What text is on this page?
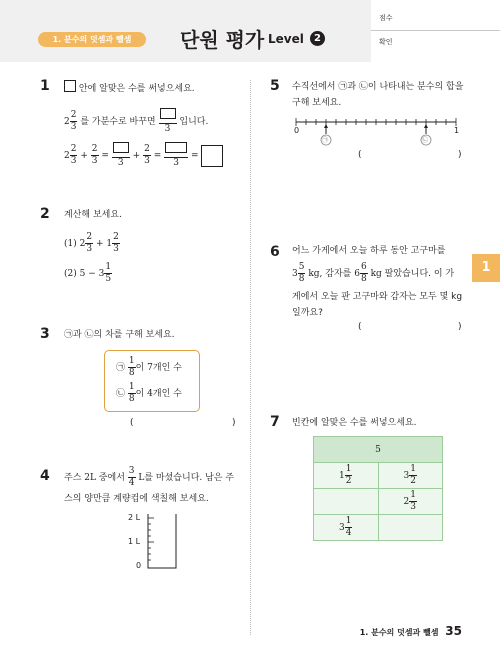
1. 분수의 덧셈과 뺄셈	단원 평가 Level	2
점수
확인
1
1	안에 알맞은 수를 써넣으세요.
$2 \frac{2}{3}$ 를 가분수로 바꾸면
3
입니다.
$2 \frac{2}{3} + \frac{2}{3}$ =
3
+ $\frac{2}{3}$ =
3
=
2 계산해 보세요.
(1) $2 \frac{2}{3} + 1 \frac{2}{3}$
(2) $5 - 3 \frac{1}{5}$
3 ㉠과 ㉡의 차를 구해 보세요.
㉠ $\frac{1}{8}$ 이 7개인 수
㉡ $\frac{1}{8}$ 이 4개인 수
(	)
4 주스 2L 중에서 $\frac{3}{4}$ L를 마셨습니다. 남은 주
스의 양만큼 계량컵에 색칠해 보세요.
2 L
1 L
0
5 수직선에서 ㉠과 ㉡이 나타내는 분수의 합을
구해 보세요.
0	1
㉠	㉡
(	)
6 어느 가게에서 오늘 하루 동안 고구마를
$3 \frac{5}{8}$ kg, 감자를 $6 \frac{6}{8}$ kg 팔았습니다. 이 가
게에서 오늘 판 고구마와 감자는 모두 몇 kg
일까요?
(	)
7 빈칸에 알맞은 수를 써넣으세요.
5	
$1 \frac{1}{2}$	$3 \frac{1}{2}$

	$2 \frac{1}{3}$

$3 \frac{1}{4}$

1. 분수의 덧셈과 뺄셈 35
